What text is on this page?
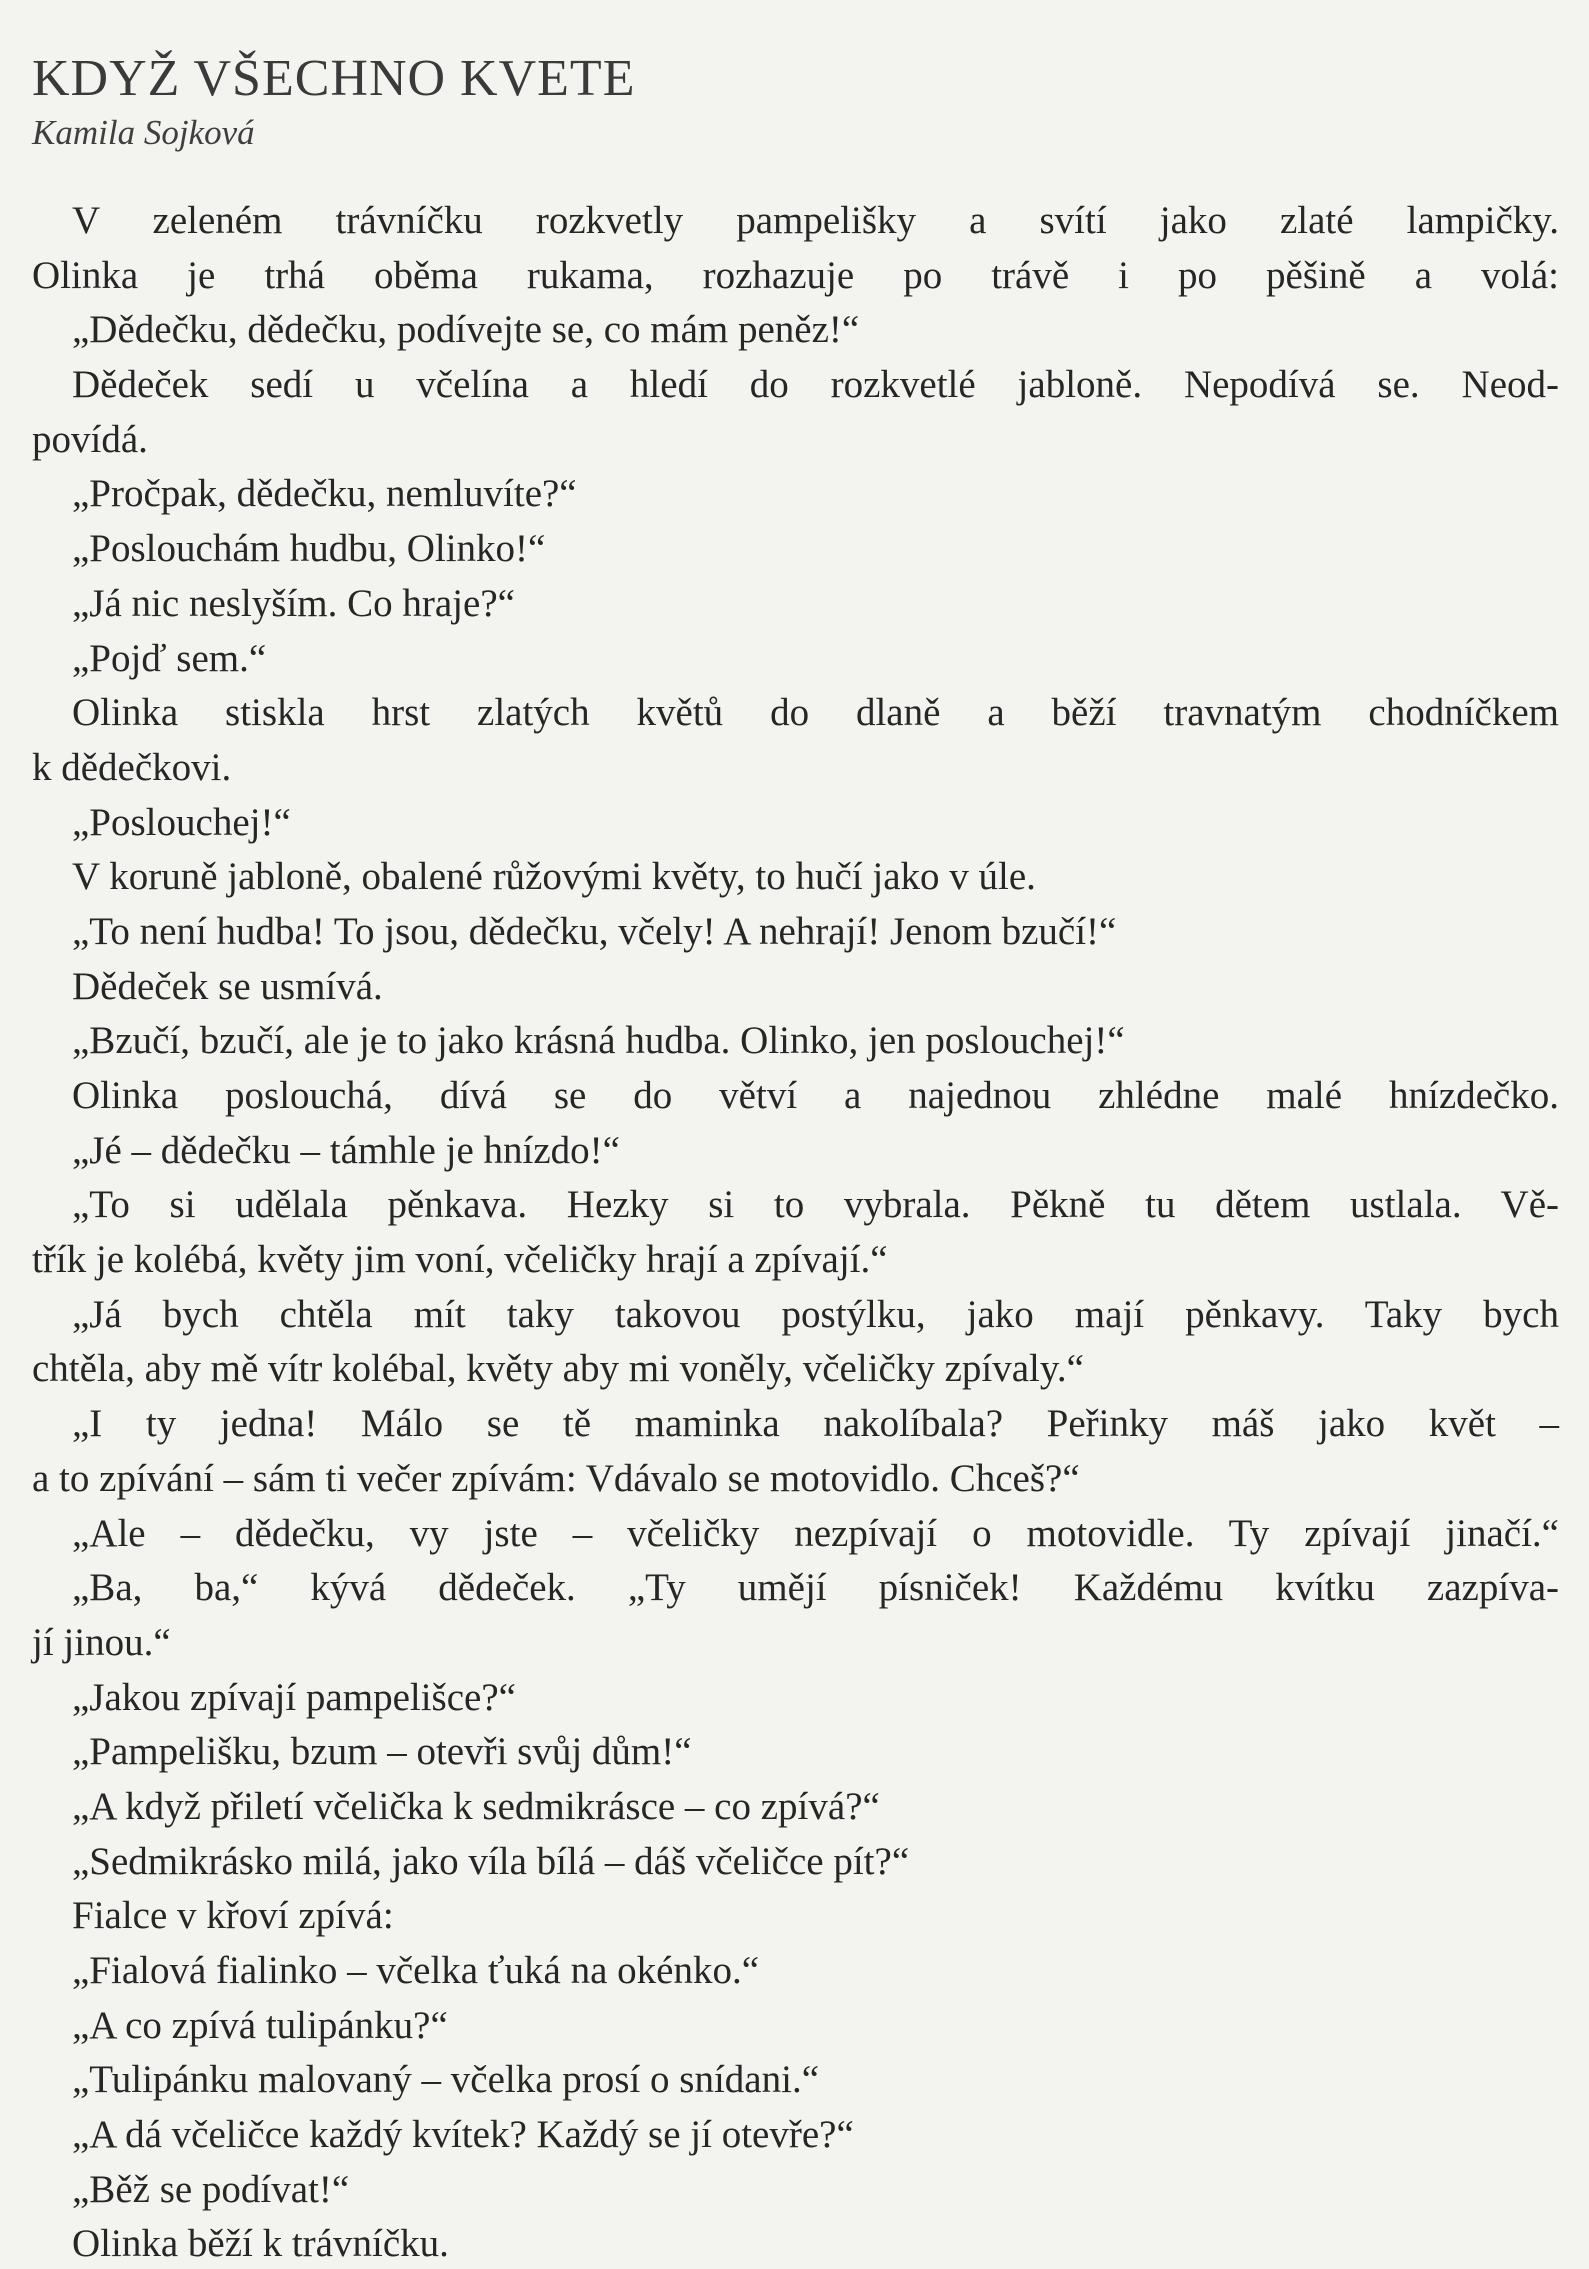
KDYŽ VŠECHNO KVETE
Kamila Sojková
V zeleném trávníčku rozkvetly pampelišky a svítí jako zlaté lampičky.
Olinka je trhá oběma rukama, rozhazuje po trávě i po pěšině a volá:
„Dědečku, dědečku, podívejte se, co mám peněz!“
Dědeček sedí u včelína a hledí do rozkvetlé jabloně. Nepodívá se. Neod-
povídá.
„Pročpak, dědečku, nemluvíte?“
„Poslouchám hudbu, Olinko!“
„Já nic neslyším. Co hraje?“
„Pojď sem.“
Olinka stiskla hrst zlatých květů do dlaně a běží travnatým chodníčkem
k dědečkovi.
„Poslouchej!“
V koruně jabloně, obalené růžovými květy, to hučí jako v úle.
„To není hudba! To jsou, dědečku, včely! A nehrají! Jenom bzučí!“
Dědeček se usmívá.
„Bzučí, bzučí, ale je to jako krásná hudba. Olinko, jen poslouchej!“
Olinka poslouchá, dívá se do větví a najednou zhlédne malé hnízdečko.
„Jé – dědečku – támhle je hnízdo!“
„To si udělala pěnkava. Hezky si to vybrala. Pěkně tu dětem ustlala. Vě-
třík je kolébá, květy jim voní, včeličky hrají a zpívají.“
„Já bych chtěla mít taky takovou postýlku, jako mají pěnkavy. Taky bych
chtěla, aby mě vítr kolébal, květy aby mi voněly, včeličky zpívaly.“
„I ty jedna! Málo se tě maminka nakolíbala? Peřinky máš jako květ –
a to zpívání – sám ti večer zpívám: Vdávalo se motovidlo. Chceš?“
„Ale – dědečku, vy jste – včeličky nezpívají o motovidle. Ty zpívají jinačí.“
„Ba, ba,“ kývá dědeček. „Ty umějí písniček! Každému kvítku zazpíva-
jí jinou.“
„Jakou zpívají pampelišce?“
„Pampelišku, bzum – otevři svůj dům!“
„A když přiletí včelička k sedmikrásce – co zpívá?“
„Sedmikrásko milá, jako víla bílá – dáš včeličce pít?“
Fialce v křoví zpívá:
„Fialová fialinko – včelka ťuká na okénko.“
„A co zpívá tulipánku?“
„Tulipánku malovaný – včelka prosí o snídani.“
„A dá včeličce každý kvítek? Každý se jí otevře?“
„Běž se podívat!“
Olinka běží k trávníčku.
